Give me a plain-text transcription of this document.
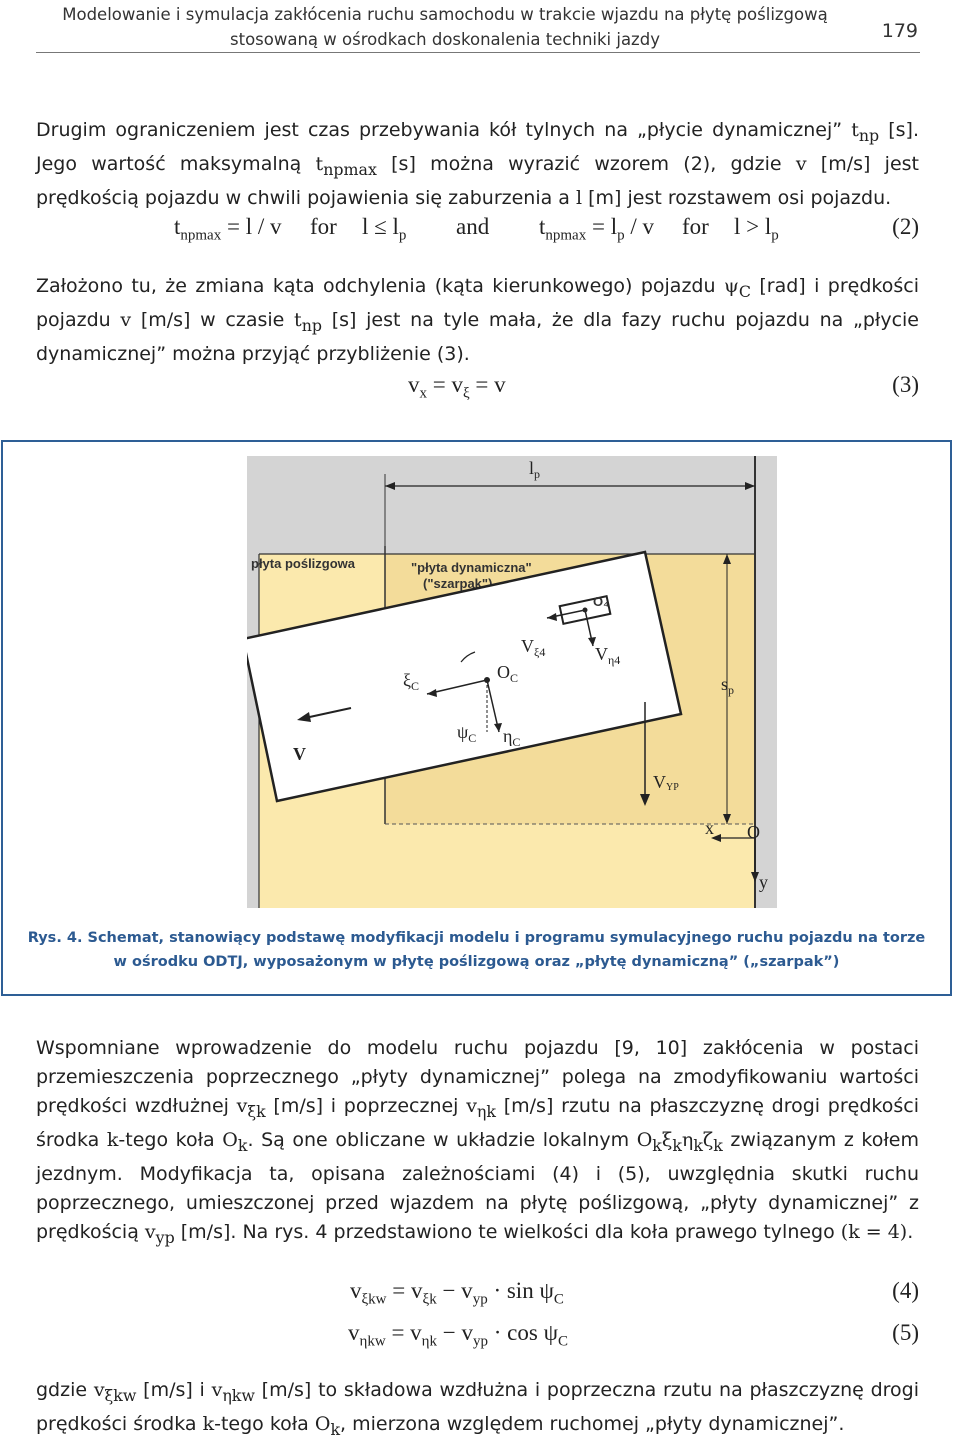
Modelowanie i symulacja zakłócenia ruchu samochodu w trakcie wjazdu na płytę poślizgową
stosowaną w ośrodkach doskonalenia techniki jazdy	179
Drugim ograniczeniem jest czas przebywania kół tylnych na „płycie dynamicznej” $t_{np}$ [s]. Jego wartość maksymalną $t_{npmax}$ [s] można wyrazić wzorem (2), gdzie v [m/s] jest prędkością pojazdu w chwili pojawienia się zaburzenia a l [m] jest rozstawem osi pojazdu.
$t_{npmax} = l / v$ for $l \le l_p$ and $t_{npmax} = l_p / v$ for $l > l_p$	(2)
Założono tu, że zmiana kąta odchylenia (kąta kierunkowego) pojazdu $\psi_C$ [rad] i prędkości pojazdu v [m/s] w czasie $t_{np}$ [s] jest na tyle mała, że dla fazy ruchu pojazdu na „płycie dynamicznej” można przyjąć przybliżenie (3).
$v_x = v_\xi = v$	(3)
$l_p$
płyta poślizgowa	"płyta dynamiczna"
("szarpak")
O₄
$V_{\xi 4}$	$V_{\eta 4}$
$O_C$
$\xi_C$
$\psi_C$ $\eta_C$
V
VYP
$s_p$
x O
y
Rys. 4. Schemat, stanowiący podstawę modyfikacji modelu i programu symulacyjnego ruchu pojazdu na torze
w ośrodku ODTJ, wyposażonym w płytę poślizgową oraz „płytę dynamiczną” („szarpak”)
Wspomniane wprowadzenie do modelu ruchu pojazdu [9, 10] zakłócenia w postaci przemieszczenia poprzecznego „płyty dynamicznej” polega na zmodyfikowaniu wartości prędkości wzdłużnej $v_{\xi k}$ [m/s] i poprzecznej $v_{\eta k}$ [m/s] rzutu na płaszczyznę drogi prędkości środka k-tego koła $O_k$. Są one obliczane w układzie lokalnym $O_k\xi_k\eta_k\zeta_k$ związanym z kołem jezdnym. Modyfikacja ta, opisana zależnościami (4) i (5), uwzględnia skutki ruchu poprzecznego, umieszczonej przed wjazdem na płytę poślizgową, „płyty dynamicznej” z prędkością $v_{yp}$ [m/s]. Na rys. 4 przedstawiono te wielkości dla koła prawego tylnego (k = 4).
$v_{\xi kw} = v_{\xi k} - v_{yp} \cdot \sin \psi_C$	(4)
$v_{\eta kw} = v_{\eta k} - v_{yp} \cdot \cos \psi_C$	(5)
gdzie $v_{\xi kw}$ [m/s] i $v_{\eta kw}$ [m/s] to składowa wzdłużna i poprzeczna rzutu na płaszczyznę drogi prędkości środka k-tego koła $O_k$, mierzona względem ruchomej „płyty dynamicznej”.
